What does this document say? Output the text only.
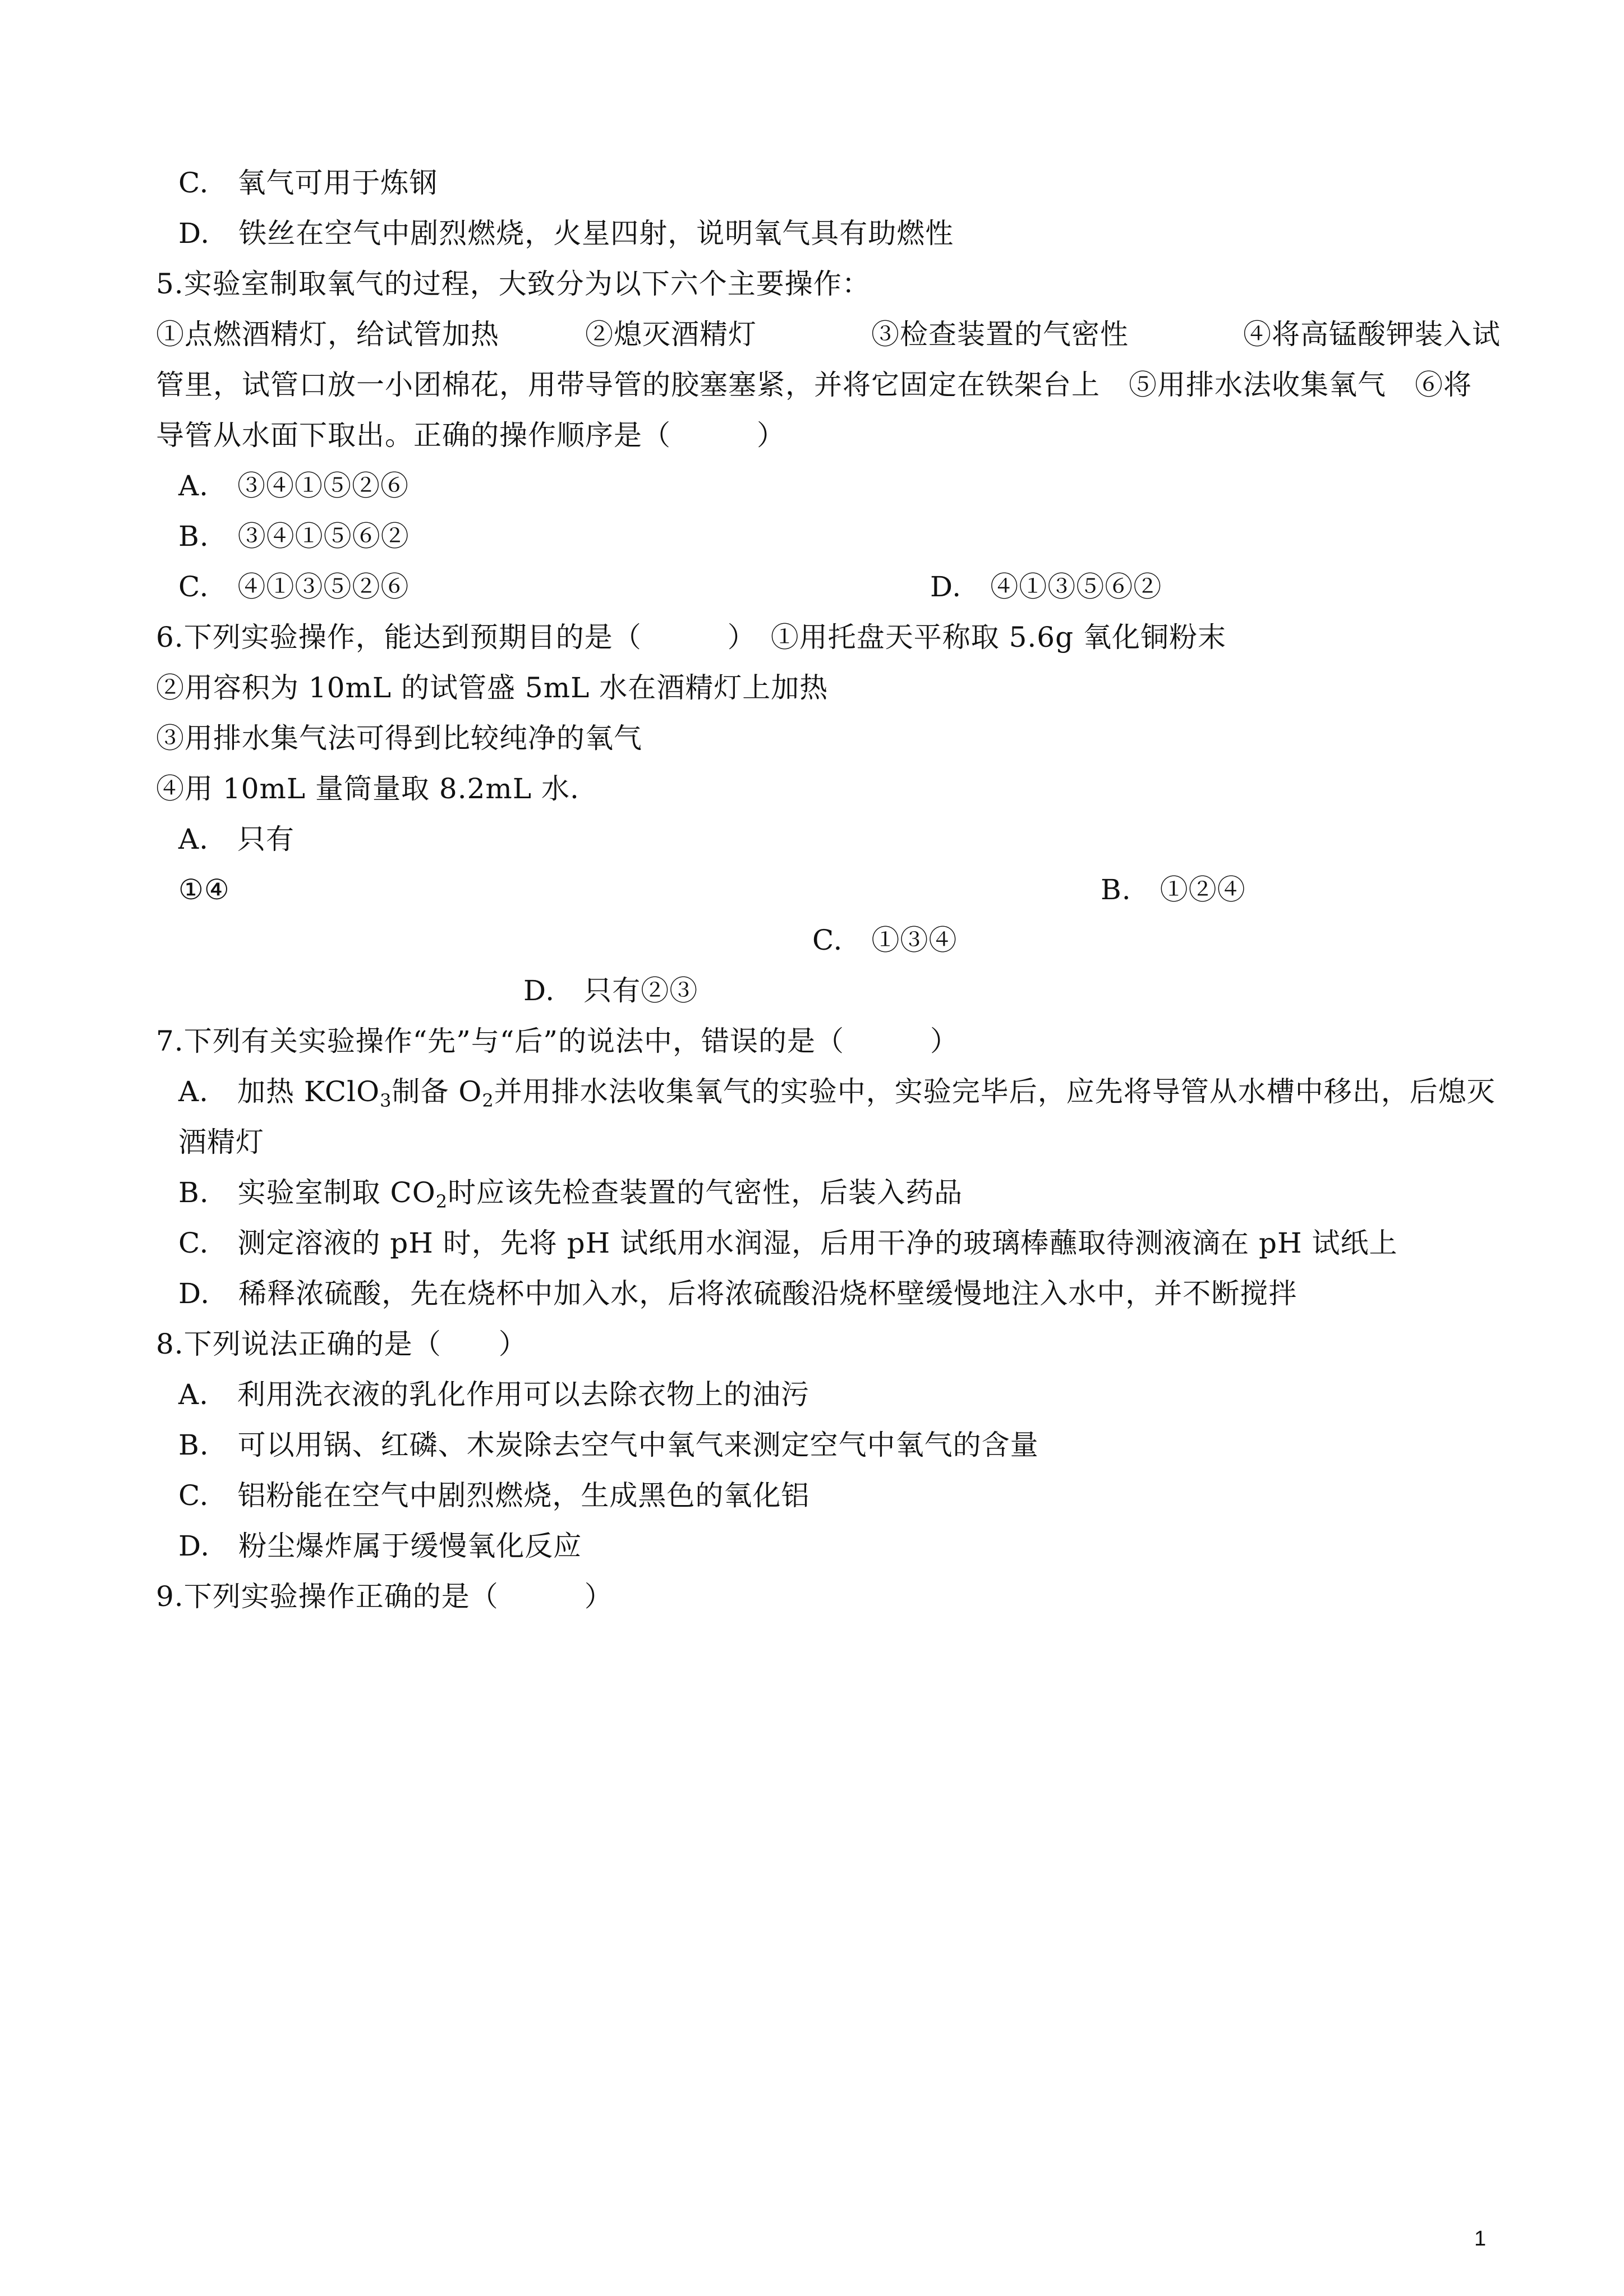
C.　氧气可用于炼钢
D.　铁丝在空气中剧烈燃烧，火星四射，说明氧气具有助燃性
5.实验室制取氧气的过程，大致分为以下六个主要操作：
①点燃酒精灯，给试管加热　　　②熄灭酒精灯　　　　③检查装置的气密性　　　　④将高锰酸钾装入试
管里，试管口放一小团棉花，用带导管的胶塞塞紧，并将它固定在铁架台上　⑤用排水法收集氧气　⑥将
导管从水面下取出。正确的操作顺序是（　　　）
A.　③④①⑤②⑥
B.　③④①⑤⑥②
C.　④①③⑤②⑥	D.　④①③⑤⑥②
6.下列实验操作，能达到预期目的是（　　　）　①用托盘天平称取 5.6g 氧化铜粉末
②用容积为 10mL 的试管盛 5mL 水在酒精灯上加热
③用排水集气法可得到比较纯净的氧气
④用 10mL 量筒量取 8.2mL 水.
A.　只有
①④	B.　①②④
C.　①③④
D.　只有②③
7.下列有关实验操作“先”与“后”的说法中，错误的是（　　　）
A.　加热 KClO$_3$制备 $O_2$并用排水法收集氧气的实验中，实验完毕后，应先将导管从水槽中移出，后熄灭
酒精灯
B.　实验室制取 $CO_2$时应该先检查装置的气密性，后装入药品
C.　测定溶液的 pH 时，先将 pH 试纸用水润湿，后用干净的玻璃棒蘸取待测液滴在 pH 试纸上
D.　稀释浓硫酸，先在烧杯中加入水，后将浓硫酸沿烧杯壁缓慢地注入水中，并不断搅拌
8.下列说法正确的是（　　）
A.　利用洗衣液的乳化作用可以去除衣物上的油污
B.　可以用锅、红磷、木炭除去空气中氧气来测定空气中氧气的含量
C.　铝粉能在空气中剧烈燃烧，生成黑色的氧化铝
D.　粉尘爆炸属于缓慢氧化反应
9.下列实验操作正确的是（　　　）
1
